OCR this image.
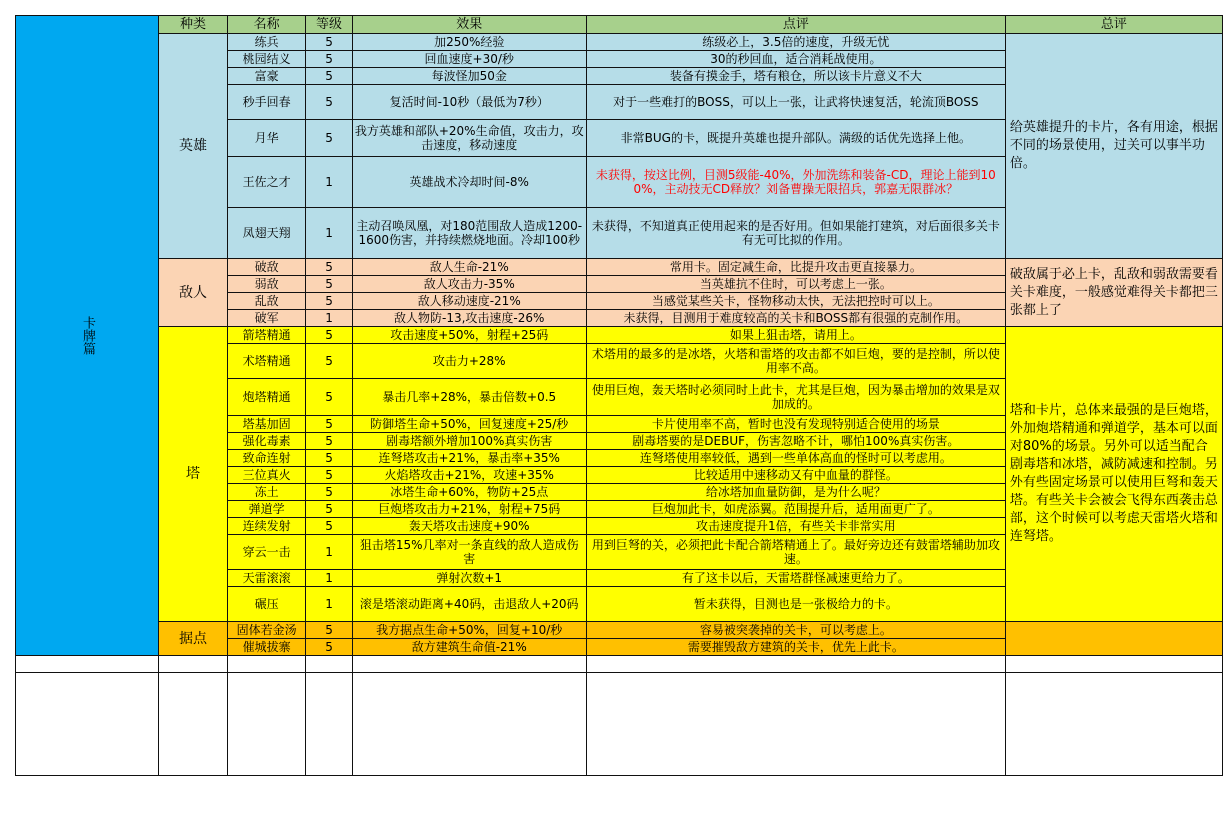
卡牌篇	种类	名称	等级	效果	点评	总评
	英雄	练兵	5	加250%经验	练级必上，3.5倍的速度，升级无忧	给英雄提升的卡片，各有用途，根据不同的场景使用，过关可以事半功倍。
		桃园结义	5	回血速度+30/秒	30的秒回血，适合消耗战使用。	
		富豪	5	每波怪加50金	装备有摸金手，塔有粮仓，所以该卡片意义不大	
		秒手回春	5	复活时间-10秒（最低为7秒）	对于一些难打的BOSS，可以上一张，让武将快速复活，轮流顶BOSS	
		月华	5	我方英雄和部队+20%生命值，攻击力，攻击速度，移动速度	非常BUG的卡，既提升英雄也提升部队。满级的话优先选择上他。	
		王佐之才	1	英雄战术冷却时间-8%	未获得，按这比例，目测5级能-40%，外加洗练和装备-CD，理论上能到100%，主动技无CD释放？刘备曹操无限招兵，郭嘉无限群冰？	
		凤翅天翔	1	主动召唤凤凰，对180范围敌人造成1200-1600伤害，并持续燃烧地面。冷却100秒	未获得，不知道真正使用起来的是否好用。但如果能打建筑，对后面很多关卡有无可比拟的作用。	
	敌人	破敌	5	敌人生命-21%	常用卡。固定减生命，比提升攻击更直接暴力。	破敌属于必上卡，乱敌和弱敌需要看关卡难度，一般感觉难得关卡都把三张都上了
		弱敌	5	敌人攻击力-35%	当英雄抗不住时，可以考虑上一张。	
		乱敌	5	敌人移动速度-21%	当感觉某些关卡，怪物移动太快，无法把控时可以上。	
		破军	1	敌人物防-13,攻击速度-26%	未获得，目测用于难度较高的关卡和BOSS都有很强的克制作用。	
	塔	箭塔精通	5	攻击速度+50%，射程+25码	如果上狙击塔，请用上。	塔和卡片，总体来最强的是巨炮塔，外加炮塔精通和弹道学，基本可以面对80%的场景。另外可以适当配合剧毒塔和冰塔，减防减速和控制。另外有些固定场景可以使用巨弩和轰天塔。有些关卡会被会飞得东西袭击总部，这个时候可以考虑天雷塔火塔和连弩塔。
		术塔精通	5	攻击力+28%	术塔用的最多的是冰塔，火塔和雷塔的攻击都不如巨炮，要的是控制，所以使用率不高。	
		炮塔精通	5	暴击几率+28%，暴击倍数+0.5	使用巨炮，轰天塔时必须同时上此卡，尤其是巨炮，因为暴击增加的效果是双加成的。	
		塔基加固	5	防御塔生命+50%，回复速度+25/秒	卡片使用率不高，暂时也没有发现特别适合使用的场景	
		强化毒素	5	剧毒塔额外增加100%真实伤害	剧毒塔要的是DEBUF，伤害忽略不计，哪怕100%真实伤害。	
		致命连射	5	连弩塔攻击+21%，暴击率+35%	连弩塔使用率较低，遇到一些单体高血的怪时可以考虑用。	
		三位真火	5	火焰塔攻击+21%，攻速+35%	比较适用中速移动又有中血量的群怪。	
		冻土	5	冰塔生命+60%，物防+25点	给冰塔加血量防御，是为什么呢？	
		弹道学	5	巨炮塔攻击力+21%，射程+75码	巨炮加此卡，如虎添翼。范围提升后，适用面更广了。	
		连续发射	5	轰天塔攻击速度+90%	攻击速度提升1倍，有些关卡非常实用	
		穿云一击	1	狙击塔15%几率对一条直线的敌人造成伤害	用到巨弩的关，必须把此卡配合箭塔精通上了。最好旁边还有鼓雷塔辅助加攻速。	
		天雷滚滚	1	弹射次数+1	有了这卡以后，天雷塔群怪减速更给力了。	
		碾压	1	滚是塔滚动距离+40码，击退敌人+20码	暂未获得，目测也是一张极给力的卡。	
	据点	固体若金汤	5	我方据点生命+50%，回复+10/秒	容易被突袭掉的关卡，可以考虑上。	
		催城拔寨	5	敌方建筑生命值-21%	需要摧毁敌方建筑的关卡，优先上此卡。	
